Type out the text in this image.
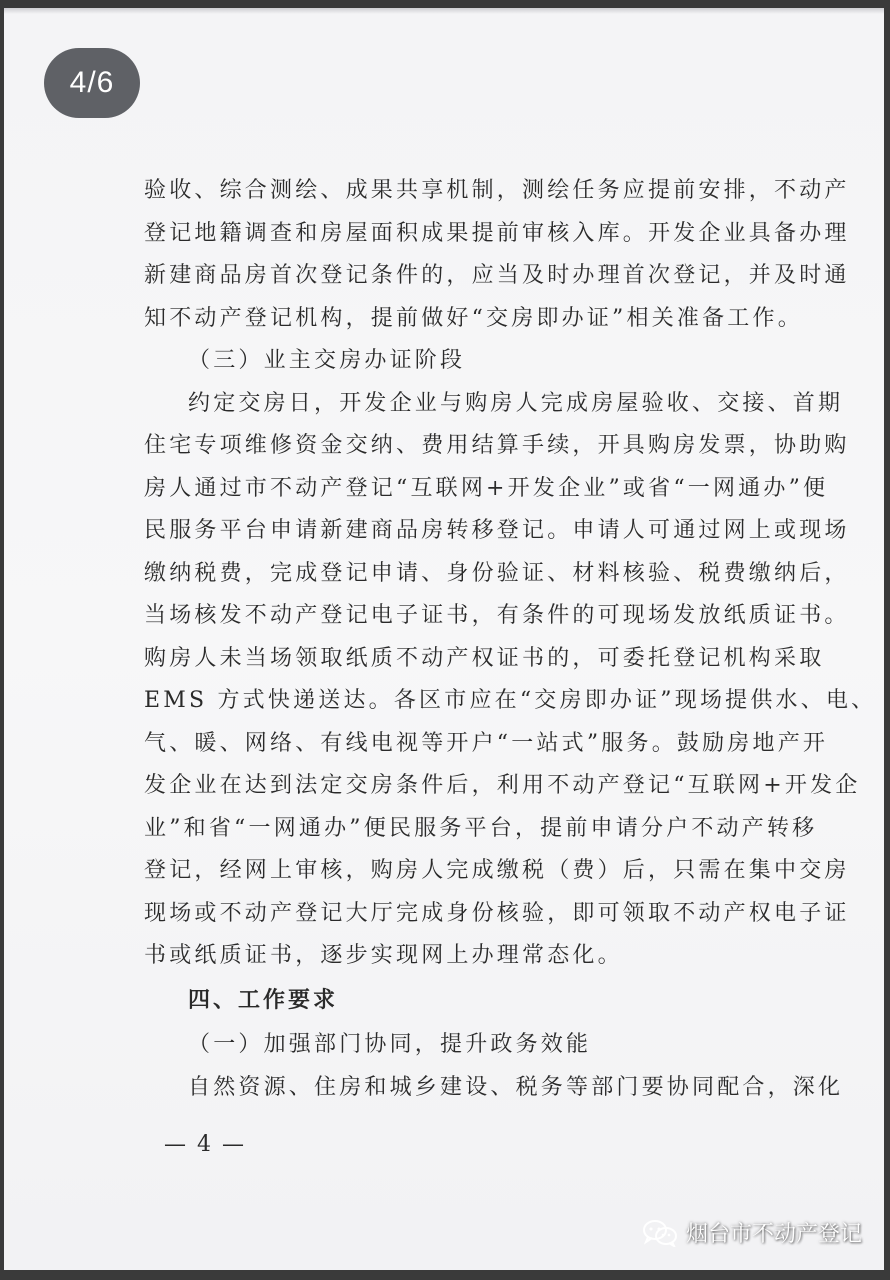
4/6
验收、综合测绘、成果共享机制，测绘任务应提前安排，不动产
登记地籍调查和房屋面积成果提前审核入库。开发企业具备办理
新建商品房首次登记条件的，应当及时办理首次登记，并及时通
知不动产登记机构，提前做好“交房即办证”相关准备工作。
（三）业主交房办证阶段
约定交房日，开发企业与购房人完成房屋验收、交接、首期
住宅专项维修资金交纳、费用结算手续，开具购房发票，协助购
房人通过市不动产登记“互联网+开发企业”或省“一网通办”便
民服务平台申请新建商品房转移登记。申请人可通过网上或现场
缴纳税费，完成登记申请、身份验证、材料核验、税费缴纳后，
当场核发不动产登记电子证书，有条件的可现场发放纸质证书。
购房人未当场领取纸质不动产权证书的，可委托登记机构采取
EMS 方式快递送达。各区市应在“交房即办证”现场提供水、电、
气、暖、网络、有线电视等开户“一站式”服务。鼓励房地产开
发企业在达到法定交房条件后，利用不动产登记“互联网+开发企
业”和省“一网通办”便民服务平台，提前申请分户不动产转移
登记，经网上审核，购房人完成缴税（费）后，只需在集中交房
现场或不动产登记大厅完成身份核验，即可领取不动产权电子证
书或纸质证书，逐步实现网上办理常态化。
四、工作要求
（一）加强部门协同，提升政务效能
自然资源、住房和城乡建设、税务等部门要协同配合，深化
— 4 —
烟台市不动产登记
